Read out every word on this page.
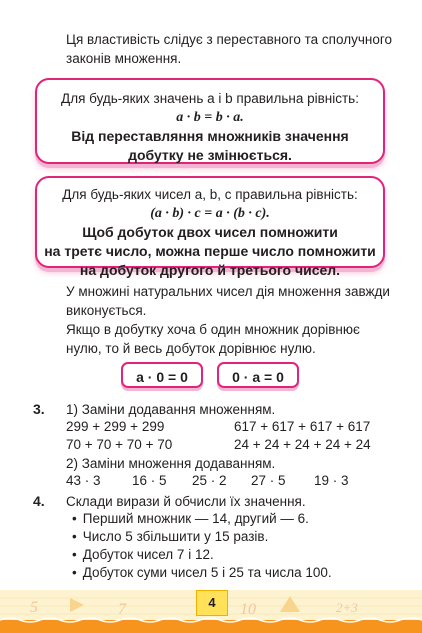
Ця властивість слідує з переставного та сполучного законів множення.
Для будь-яких значень a і b правильна рівність:
a · b = b · a.
Від переставляння множників значення
добутку не змінюється.
Для будь-яких чисел a, b, c правильна рівність:
(a · b) · c = a · (b · c).
Щоб добуток двох чисел помножити
на третє число, можна перше число помножити
на добуток другого й третього чисел.
У множині натуральних чисел дія множення завжди виконується.
Якщо в добутку хоча б один множник дорівнює нулю, то й весь добуток дорівнює нулю.
a · 0 = 0	0 · a = 0
3. 1) Заміни додавання множенням.
299 + 299 + 299	617 + 617 + 617 + 617
70 + 70 + 70 + 70	24 + 24 + 24 + 24 + 24
2) Заміни множення додаванням.
43 · 3 16 · 5 25 · 2 27 · 5 19 · 3
4. Склади вирази й обчисли їх значення.
• Перший множник — 14, другий — 6.
• Число 5 збільшити у 15 разів.
• Добуток чисел 7 і 12.
• Добуток суми чисел 5 і 25 та числа 100.
5	7	10	2+3
4
